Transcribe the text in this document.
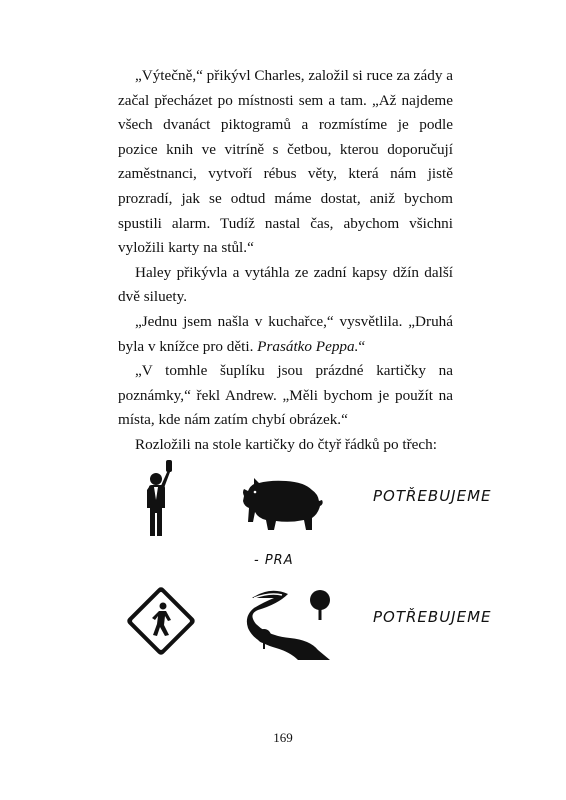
„Výtečně,“ přikývl Charles, založil si ruce za zády a začal přecházet po místnosti sem a tam. „Až najdeme všech dvanáct piktogramů a rozmístíme je podle pozice knih ve vitríně s četbou, kterou doporučují zaměstnanci, vytvoří rébus věty, která nám jistě prozradí, jak se odtud máme dostat, aniž bychom spustili alarm. Tudíž nastal čas, abychom všichni vyložili karty na stůl.“

Haley přikývla a vytáhla ze zadní kapsy džín další dvě siluety.

„Jednu jsem našla v kuchařce,“ vysvětlila. „Druhá byla v knížce pro děti. Prasátko Peppa.“

„V tomhle šuplíku jsou prázdné kartičky na poznámky,“ řekl Andrew. „Měli bychom je použít na místa, kde nám zatím chybí obrázek.“

Rozložili na stole kartičky do čtyř řádků po třech:

POTŘEBUJEME
- PRA
POTŘEBUJEME
169
